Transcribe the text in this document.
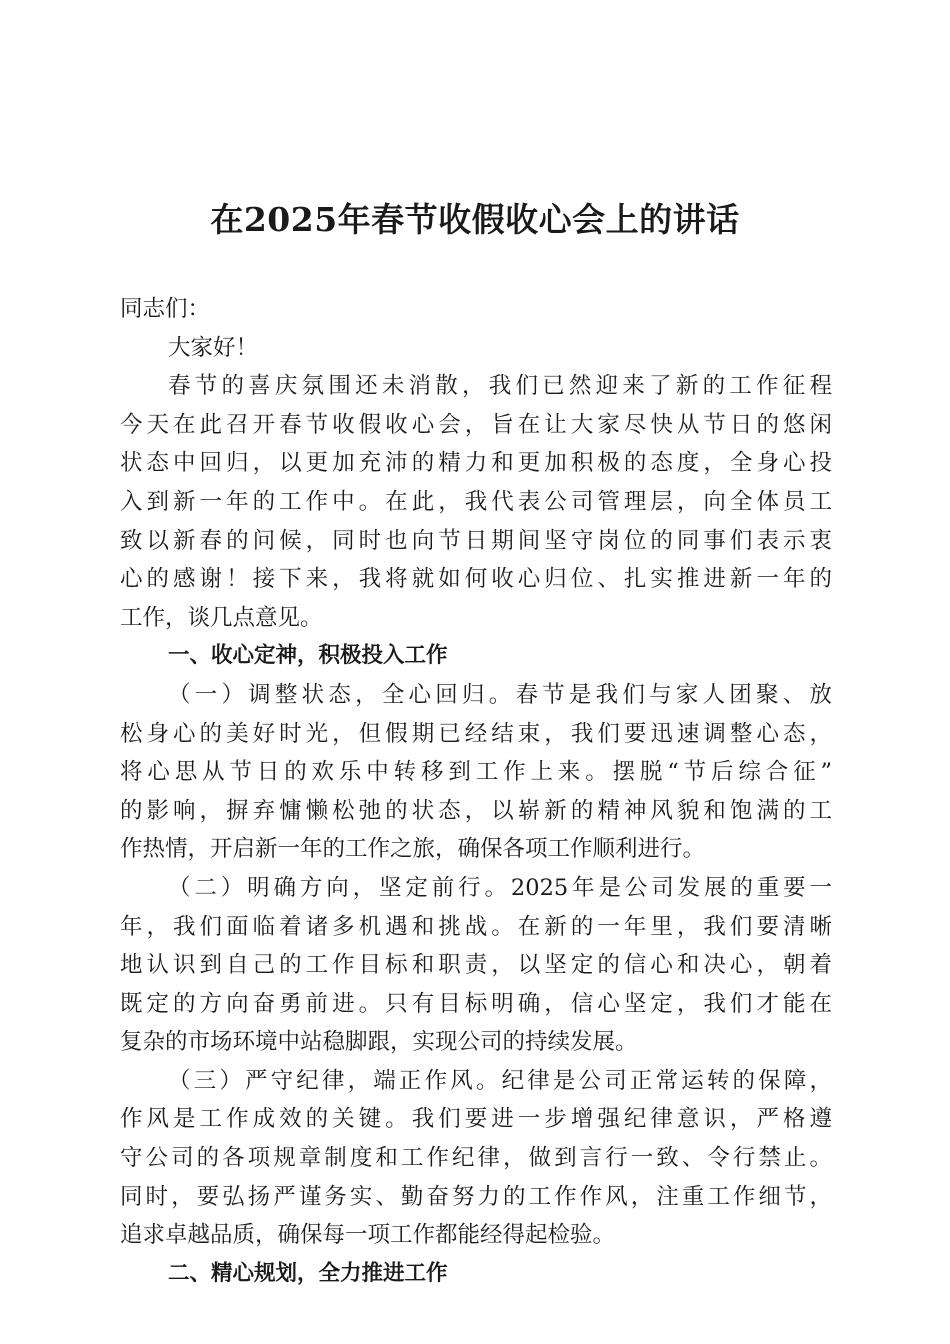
在2025年春节收假收心会上的讲话
同志们：
大家好！
春节的喜庆氛围还未消散，我们已然迎来了新的工作征程
今天在此召开春节收假收心会，旨在让大家尽快从节日的悠闲
状态中回归，以更加充沛的精力和更加积极的态度，全身心投
入到新一年的工作中。在此，我代表公司管理层，向全体员工
致以新春的问候，同时也向节日期间坚守岗位的同事们表示衷
心的感谢！接下来，我将就如何收心归位、扎实推进新一年的
工作，谈几点意见。
一、收心定神，积极投入工作
（一）调整状态，全心回归。春节是我们与家人团聚、放
松身心的美好时光，但假期已经结束，我们要迅速调整心态，
将心思从节日的欢乐中转移到工作上来。摆脱“节后综合征”
的影响，摒弃慵懒松弛的状态，以崭新的精神风貌和饱满的工
作热情，开启新一年的工作之旅，确保各项工作顺利进行。
（二）明确方向，坚定前行。2025年是公司发展的重要一
年，我们面临着诸多机遇和挑战。在新的一年里，我们要清晰
地认识到自己的工作目标和职责，以坚定的信心和决心，朝着
既定的方向奋勇前进。只有目标明确，信心坚定，我们才能在
复杂的市场环境中站稳脚跟，实现公司的持续发展。
（三）严守纪律，端正作风。纪律是公司正常运转的保障，
作风是工作成效的关键。我们要进一步增强纪律意识，严格遵
守公司的各项规章制度和工作纪律，做到言行一致、令行禁止。
同时，要弘扬严谨务实、勤奋努力的工作作风，注重工作细节，
追求卓越品质，确保每一项工作都能经得起检验。
二、精心规划，全力推进工作
